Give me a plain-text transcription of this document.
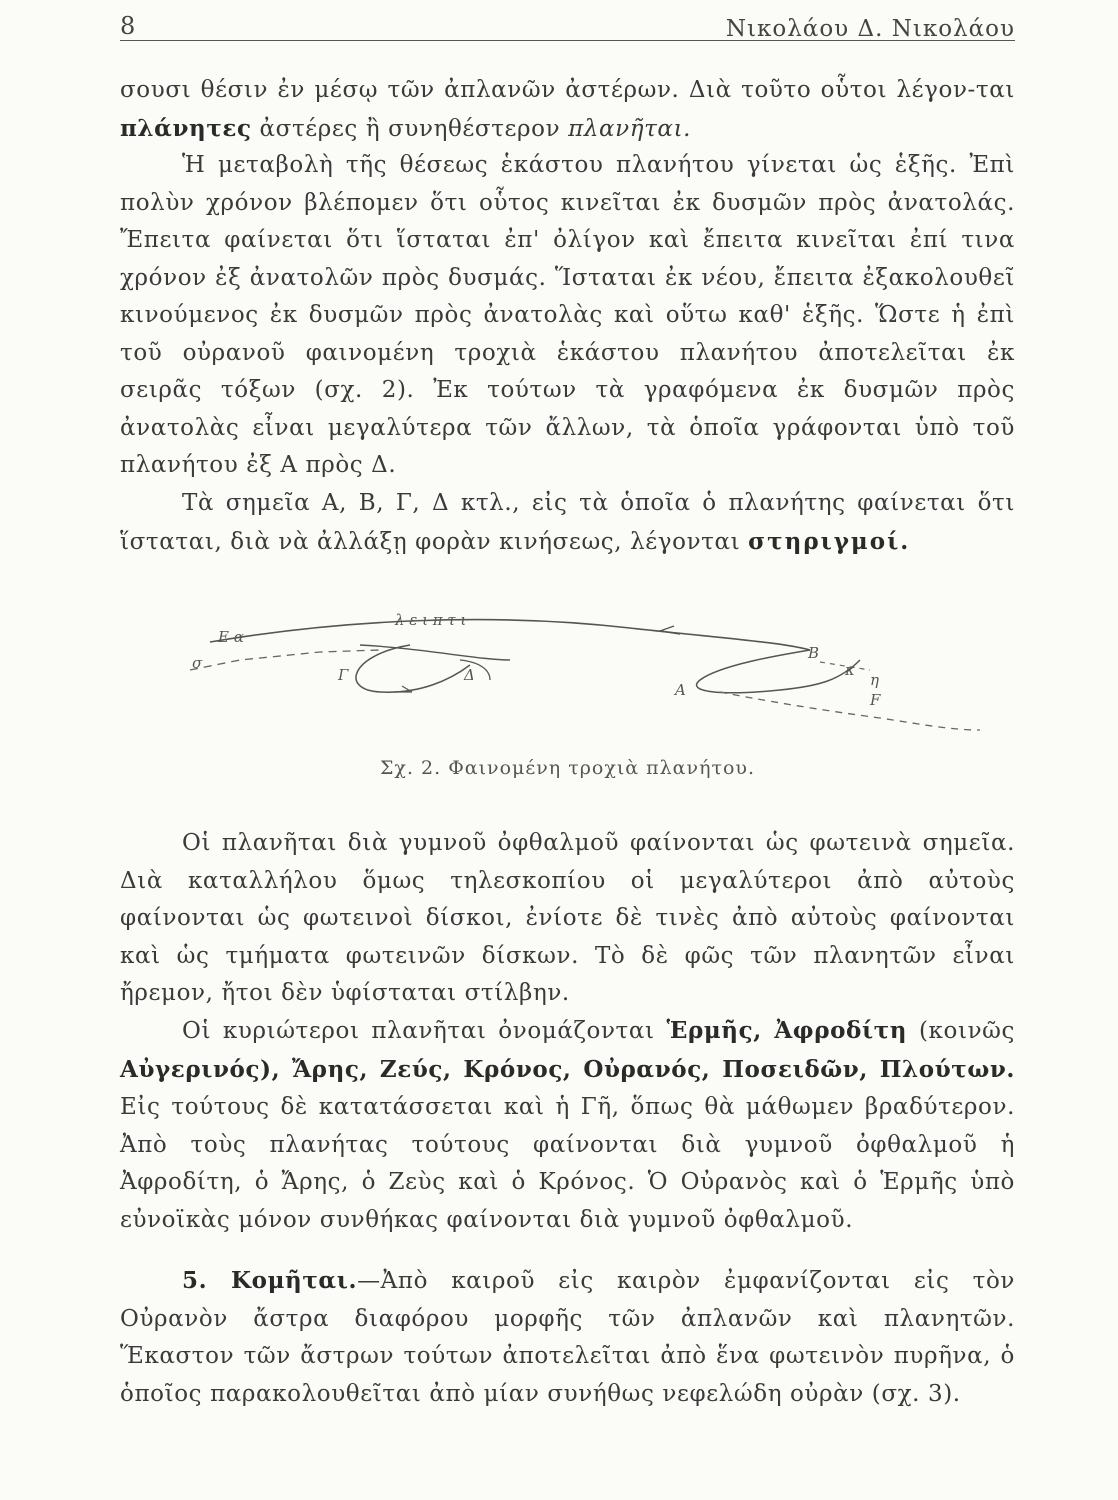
8	Νικολάου Δ. Νικολάου

σουσι θέσιν ἐν μέσῳ τῶν ἀπλανῶν ἀστέρων. Διὰ τοῦτο οὗτοι λέγον-ται πλάνητες ἀστέρες ἢ συνηθέστερον πλανῆται.

Ἡ μεταβολὴ τῆς θέσεως ἑκάστου πλανήτου γίνεται ὡς ἑξῆς. Ἐπὶ πολὺν χρόνον βλέπομεν ὅτι οὗτος κινεῖται ἐκ δυσμῶν πρὸς ἀνατολάς. Ἔπειτα φαίνεται ὅτι ἵσταται ἐπ' ὀλίγον καὶ ἔπειτα κινεῖται ἐπί τινα χρόνον ἐξ ἀνατολῶν πρὸς δυσμάς. Ἵσταται ἐκ νέου, ἔπειτα ἐξακολουθεῖ κινούμενος ἐκ δυσμῶν πρὸς ἀνατολὰς καὶ οὕτω καθ' ἑξῆς. Ὥστε ἡ ἐπὶ τοῦ οὐρανοῦ φαινομένη τροχιὰ ἑκάστου πλανήτου ἀποτελεῖται ἐκ σειρᾶς τόξων (σχ. 2). Ἐκ τούτων τὰ γραφόμενα ἐκ δυσμῶν πρὸς ἀνατολὰς εἶναι μεγαλύτερα τῶν ἄλλων, τὰ ὁποῖα γράφονται ὑπὸ τοῦ πλανήτου ἐξ Α πρὸς Δ.

Τὰ σημεῖα Α, Β, Γ, Δ κτλ., εἰς τὰ ὁποῖα ὁ πλανήτης φαίνεται ὅτι ἵσταται, διὰ νὰ ἀλλάξῃ φορὰν κινήσεως, λέγονται στηριγμοί.

λ ε ι π τ ι
Ε α
σ
Γ	Δ
Α
Β
κ
η
F
Σχ. 2. Φαινομένη τροχιὰ πλανήτου.

Οἱ πλανῆται διὰ γυμνοῦ ὀφθαλμοῦ φαίνονται ὡς φωτεινὰ σημεῖα. Διὰ καταλλήλου ὅμως τηλεσκοπίου οἱ μεγαλύτεροι ἀπὸ αὐτοὺς φαίνονται ὡς φωτεινοὶ δίσκοι, ἐνίοτε δὲ τινὲς ἀπὸ αὐτοὺς φαίνονται καὶ ὡς τμήματα φωτεινῶν δίσκων. Τὸ δὲ φῶς τῶν πλανητῶν εἶναι ἤρεμον, ἤτοι δὲν ὑφίσταται στίλβην.

Οἱ κυριώτεροι πλανῆται ὀνομάζονται Ἑρμῆς, Ἀφροδίτη (κοινῶς Αὐγερινός), Ἄρης, Ζεύς, Κρόνος, Οὐρανός, Ποσειδῶν, Πλούτων. Εἰς τούτους δὲ κατατάσσεται καὶ ἡ Γῆ, ὅπως θὰ μάθωμεν βραδύτερον. Ἀπὸ τοὺς πλανήτας τούτους φαίνονται διὰ γυμνοῦ ὀφθαλμοῦ ἡ Ἀφροδίτη, ὁ Ἄρης, ὁ Ζεὺς καὶ ὁ Κρόνος. Ὁ Οὐρανὸς καὶ ὁ Ἑρμῆς ὑπὸ εὐνοϊκὰς μόνον συνθήκας φαίνονται διὰ γυμνοῦ ὀφθαλμοῦ.

5. Κομῆται.—Ἀπὸ καιροῦ εἰς καιρὸν ἐμφανίζονται εἰς τὸν Οὐρανὸν ἄστρα διαφόρου μορφῆς τῶν ἀπλανῶν καὶ πλανητῶν. Ἕκαστον τῶν ἄστρων τούτων ἀποτελεῖται ἀπὸ ἕνα φωτεινὸν πυρῆνα, ὁ ὁποῖος παρακολουθεῖται ἀπὸ μίαν συνήθως νεφελώδη οὐρὰν (σχ. 3).
